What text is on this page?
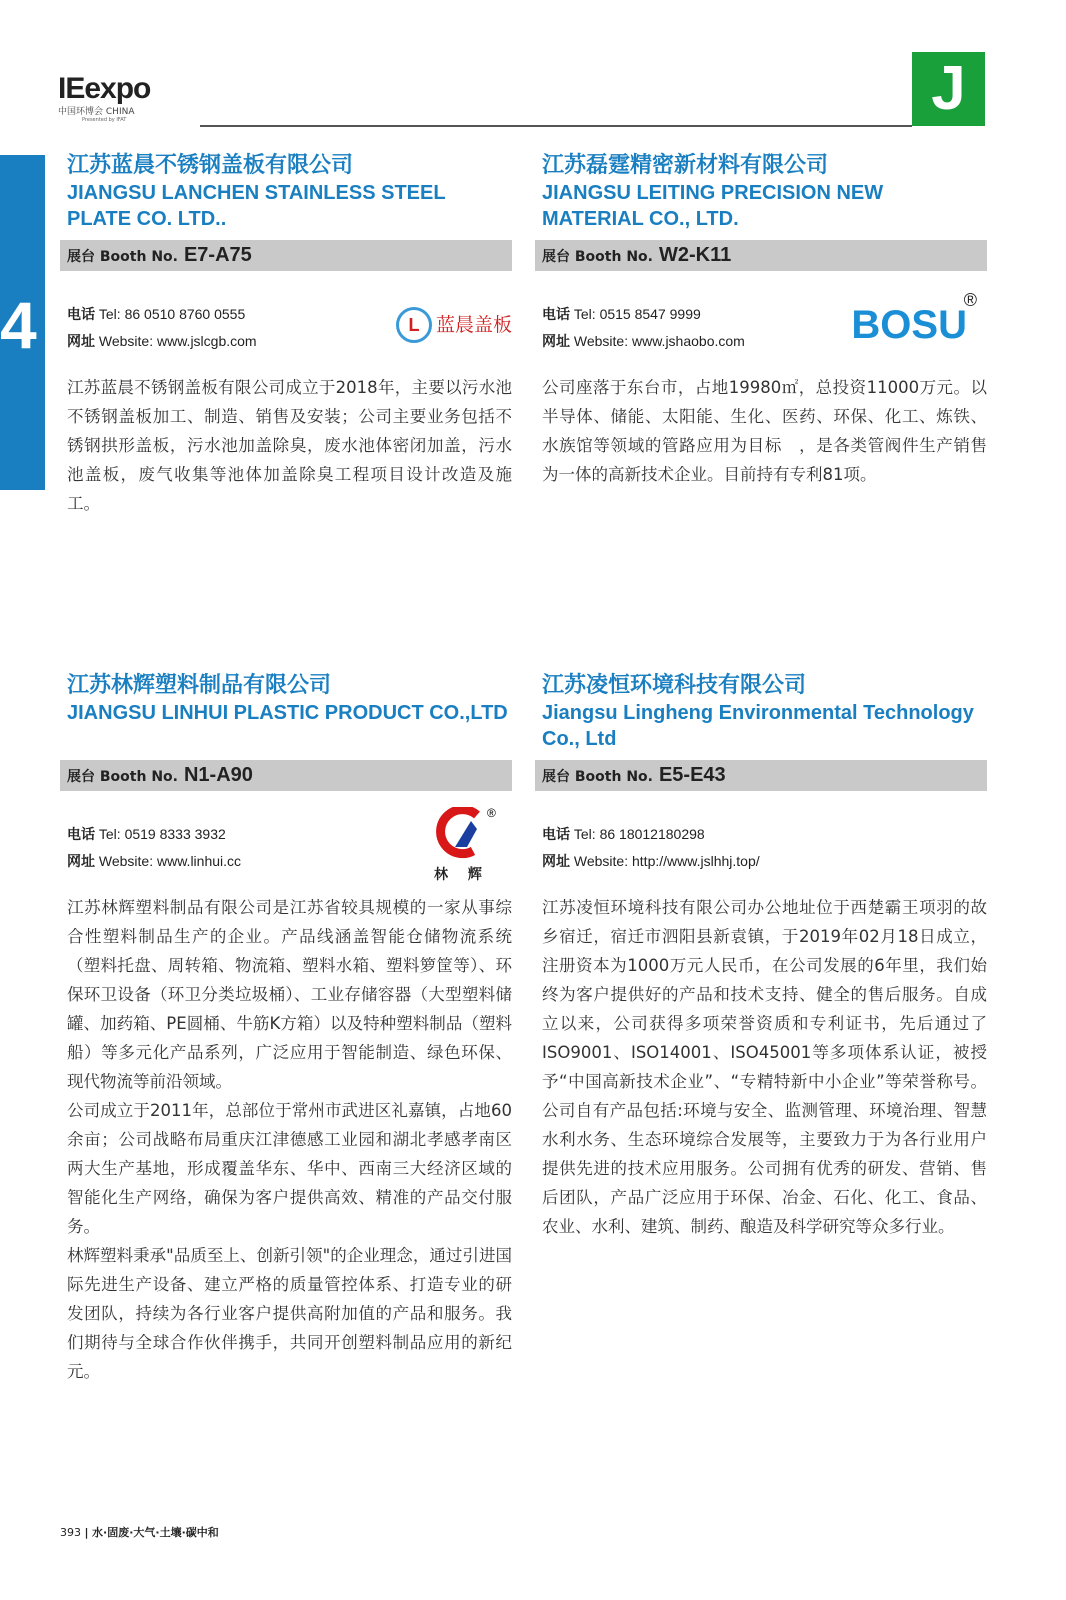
IEexpo
中国环博会 CHINA
Presented by IFAT	J
4
江苏蓝晨不锈钢盖板有限公司
JIANGSU LANCHEN STAINLESS STEEL PLATE CO. LTD..
展台 Booth No. E7-A75
电话 Tel: 86 0510 8760 0555
网址 Website: www.jslcgb.com
L 蓝晨盖板

江苏蓝晨不锈钢盖板有限公司成立于2018年，主要以污水池不锈钢盖板加工、制造、销售及安装；公司主要业务包括不锈钢拱形盖板，污水池加盖除臭，废水池体密闭加盖，污水池盖板，废气收集等池体加盖除臭工程项目设计改造及施工。

江苏磊霆精密新材料有限公司
JIANGSU LEITING PRECISION NEW MATERIAL CO., LTD.
展台 Booth No. W2-K11
电话 Tel: 0515 8547 9999
网址 Website: www.jshaobo.com	BOSU
®

公司座落于东台市，占地19980㎡，总投资11000万元。以半导体、储能、太阳能、生化、医药、环保、化工、炼铁、水族馆等领域的管路应用为目标　，是各类管阀件生产销售为一体的高新技术企业。目前持有专利81项。

江苏林辉塑料制品有限公司
JIANGSU LINHUI PLASTIC PRODUCT CO.,LTD
展台 Booth No. N1-A90
电话 Tel: 0519 8333 3932
网址 Website: www.linhui.cc
®
林 辉

江苏林辉塑料制品有限公司是江苏省较具规模的一家从事综合性塑料制品生产的企业。产品线涵盖智能仓储物流系统（塑料托盘、周转箱、物流箱、塑料水箱、塑料箩筐等）、环保环卫设备（环卫分类垃圾桶）、工业存储容器（大型塑料储罐、加药箱、PE圆桶、牛筋K方箱）以及特种塑料制品（塑料船）等多元化产品系列，广泛应用于智能制造、绿色环保、现代物流等前沿领域。

公司成立于2011年，总部位于常州市武进区礼嘉镇，占地60余亩；公司战略布局重庆江津德感工业园和湖北孝感孝南区两大生产基地，形成覆盖华东、华中、西南三大经济区域的智能化生产网络，确保为客户提供高效、精准的产品交付服务。

林辉塑料秉承"品质至上、创新引领"的企业理念，通过引进国际先进生产设备、建立严格的质量管控体系、打造专业的研发团队，持续为各行业客户提供高附加值的产品和服务。我们期待与全球合作伙伴携手，共同开创塑料制品应用的新纪元。

江苏凌恒环境科技有限公司
Jiangsu Lingheng Environmental Technology Co., Ltd
展台 Booth No. E5-E43
电话 Tel: 86 18012180298
网址 Website: http://www.jslhhj.top/

江苏凌恒环境科技有限公司办公地址位于西楚霸王项羽的故乡宿迁，宿迁市泗阳县新袁镇，于2019年02月18日成立，注册资本为1000万元人民币，在公司发展的6年里，我们始终为客户提供好的产品和技术支持、健全的售后服务。自成立以来，公司获得多项荣誉资质和专利证书，先后通过了ISO9001、ISO14001、ISO45001等多项体系认证，被授予“中国高新技术企业”、“专精特新中小企业”等荣誉称号。公司自有产品包括:环境与安全、监测管理、环境治理、智慧水利水务、生态环境综合发展等，主要致力于为各行业用户提供先进的技术应用服务。公司拥有优秀的研发、营销、售后团队，产品广泛应用于环保、冶金、石化、化工、食品、农业、水利、建筑、制药、酿造及科学研究等众多行业。

393 | 水·固废·大气·土壤·碳中和
